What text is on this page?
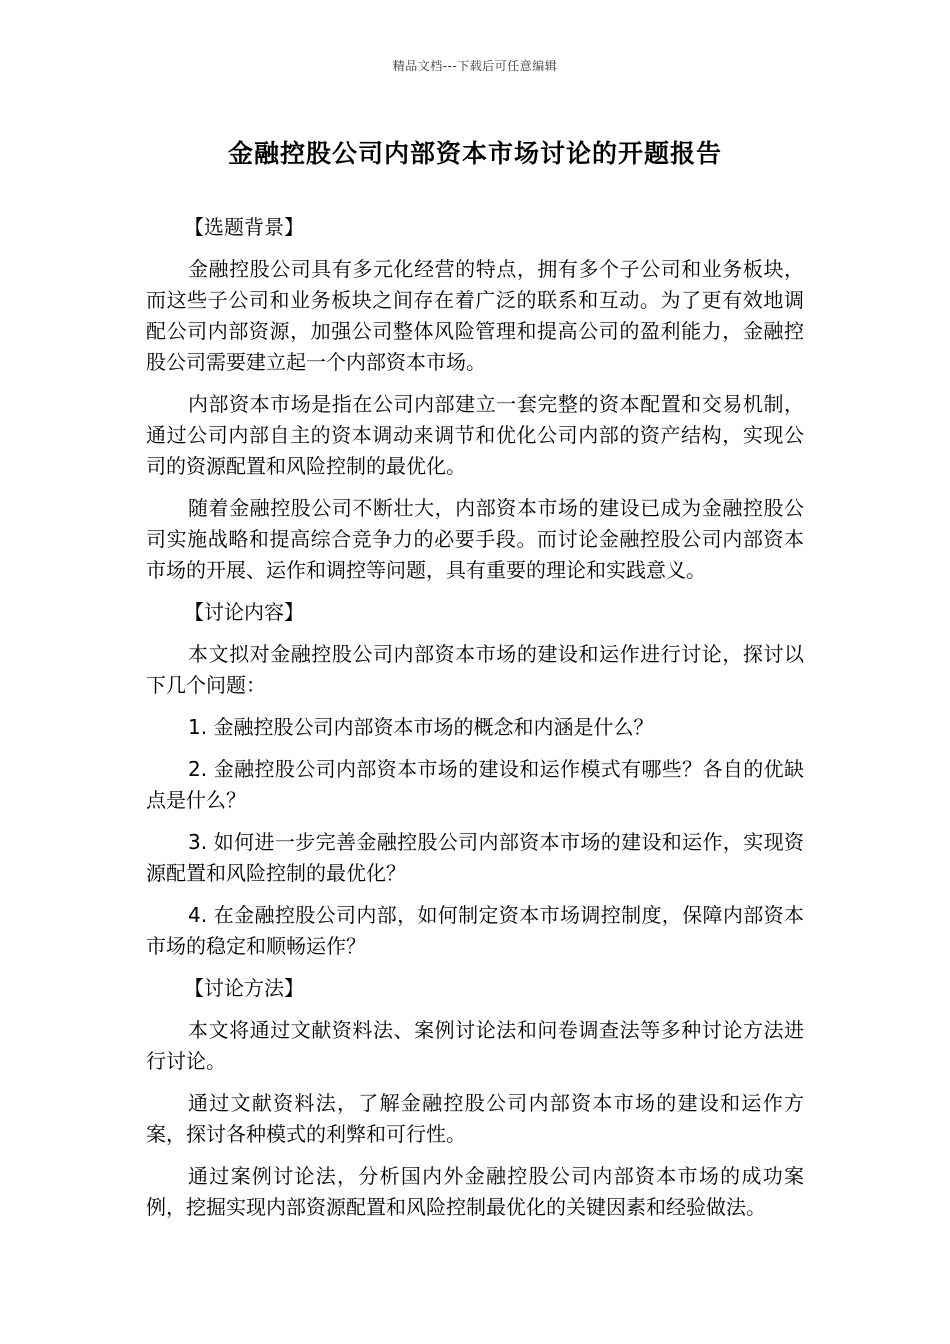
精品文档---下载后可任意编辑
金融控股公司内部资本市场讨论的开题报告
【选题背景】

金融控股公司具有多元化经营的特点，拥有多个子公司和业务板块，而这些子公司和业务板块之间存在着广泛的联系和互动。为了更有效地调配公司内部资源，加强公司整体风险管理和提高公司的盈利能力，金融控股公司需要建立起一个内部资本市场。

内部资本市场是指在公司内部建立一套完整的资本配置和交易机制，通过公司内部自主的资本调动来调节和优化公司内部的资产结构，实现公司的资源配置和风险控制的最优化。

随着金融控股公司不断壮大，内部资本市场的建设已成为金融控股公司实施战略和提高综合竞争力的必要手段。而讨论金融控股公司内部资本市场的开展、运作和调控等问题，具有重要的理论和实践意义。

【讨论内容】

本文拟对金融控股公司内部资本市场的建设和运作进行讨论，探讨以下几个问题：

1. 金融控股公司内部资本市场的概念和内涵是什么？

2. 金融控股公司内部资本市场的建设和运作模式有哪些？各自的优缺点是什么？

3. 如何进一步完善金融控股公司内部资本市场的建设和运作，实现资源配置和风险控制的最优化？

4. 在金融控股公司内部，如何制定资本市场调控制度，保障内部资本市场的稳定和顺畅运作？

【讨论方法】

本文将通过文献资料法、案例讨论法和问卷调查法等多种讨论方法进行讨论。

通过文献资料法，了解金融控股公司内部资本市场的建设和运作方案，探讨各种模式的利弊和可行性。

通过案例讨论法，分析国内外金融控股公司内部资本市场的成功案例，挖掘实现内部资源配置和风险控制最优化的关键因素和经验做法。
